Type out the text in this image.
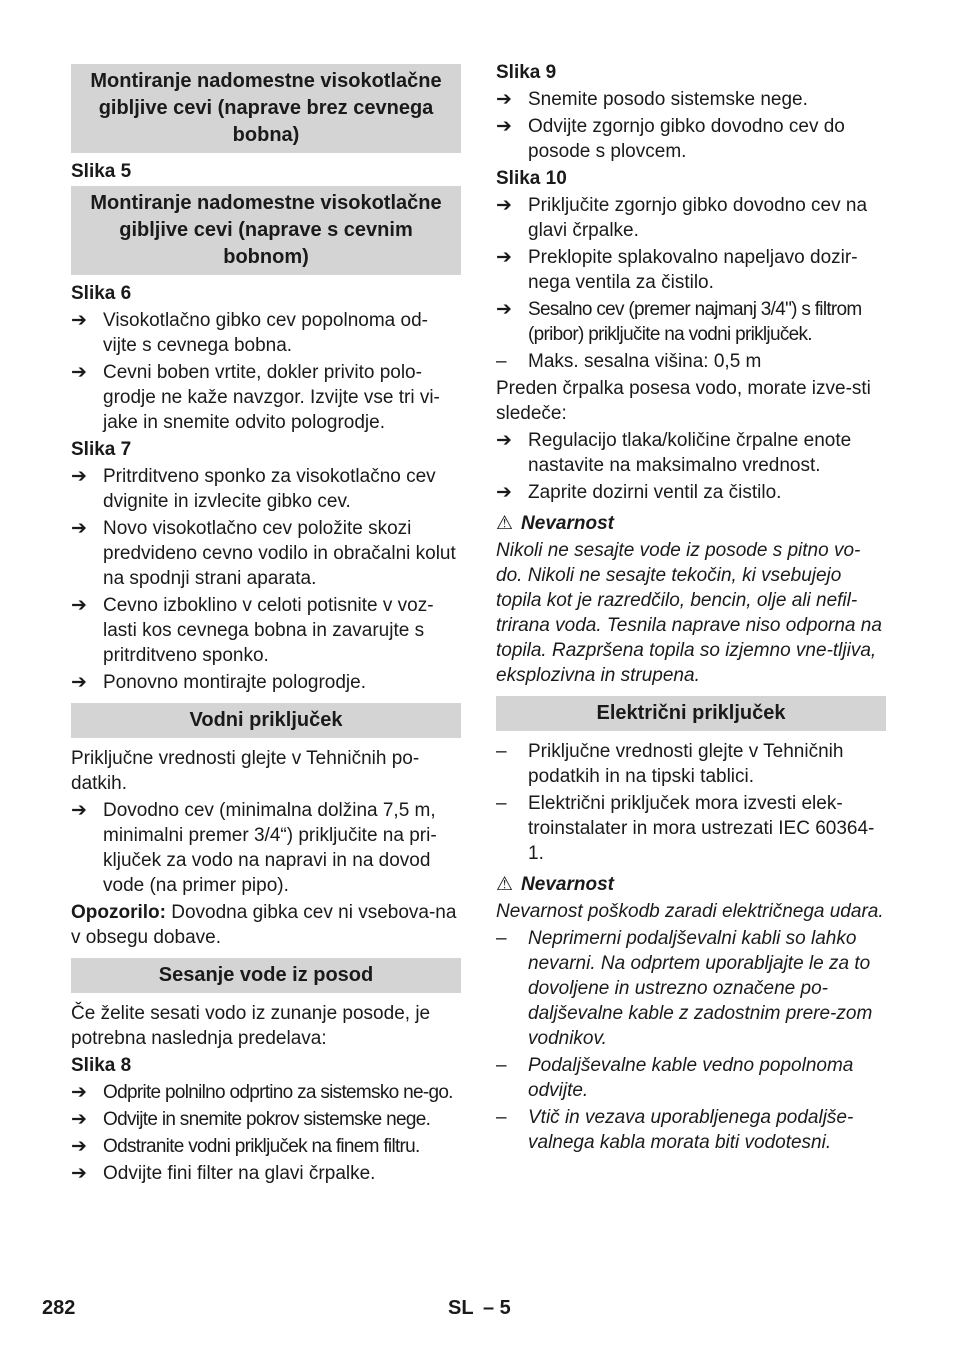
Montiranje nadomestne visokotlačne gibljive cevi (naprave brez cevnega bobna)
Slika 5
Montiranje nadomestne visokotlačne gibljive cevi (naprave s cevnim bobnom)
Slika 6
➔ Visokotlačno gibko cev popolnoma od-vijte s cevnega bobna.
➔ Cevni boben vrtite, dokler privito polo-grodje ne kaže navzgor. Izvijte vse tri vi-jake in snemite odvito pologrodje.
Slika 7
➔ Pritrditveno sponko za visokotlačno cev dvignite in izvlecite gibko cev.
➔ Novo visokotlačno cev položite skozi predvideno cevno vodilo in obračalni kolut na spodnji strani aparata.
➔ Cevno izboklino v celoti potisnite v voz-lasti kos cevnega bobna in zavarujte s pritrditveno sponko.
➔ Ponovno montirajte pologrodje.
Vodni priključek
Priključne vrednosti glejte v Tehničnih po-datkih.
➔ Dovodno cev (minimalna dolžina 7,5 m, minimalni premer 3/4“) priključite na pri-ključek za vodo na napravi in na dovod vode (na primer pipo).
Opozorilo: Dovodna gibka cev ni vsebova-na v obsegu dobave.
Sesanje vode iz posod
Če želite sesati vodo iz zunanje posode, je potrebna naslednja predelava:
Slika 8
➔ Odprite polnilno odprtino za sistemsko ne-go.
➔ Odvijte in snemite pokrov sistemske nege.
➔ Odstranite vodni priključek na finem filtru.
➔ Odvijte fini filter na glavi črpalke.
Slika 9
➔ Snemite posodo sistemske nege.
➔ Odvijte zgornjo gibko dovodno cev do posode s plovcem.
Slika 10
➔ Priključite zgornjo gibko dovodno cev na glavi črpalke.
➔ Preklopite splakovalno napeljavo dozir-nega ventila za čistilo.
➔ Sesalno cev (premer najmanj 3/4") s filtrom (pribor) priključite na vodni priključek.
–	Maks. sesalna višina: 0,5 m
Preden črpalka posesa vodo, morate izve-sti sledeče:
➔ Regulacijo tlaka/količine črpalne enote nastavite na maksimalno vrednost.
➔ Zaprite dozirni ventil za čistilo.
⚠ Nevarnost
Nikoli ne sesajte vode iz posode s pitno vo-do. Nikoli ne sesajte tekočin, ki vsebujejo topila kot je razredčilo, bencin, olje ali nefil-trirana voda. Tesnila naprave niso odporna na topila. Razpršena topila so izjemno vne-tljiva, eksplozivna in strupena.
Električni priključek
–	Priključne vrednosti glejte v Tehničnih podatkih in na tipski tablici.
–	Električni priključek mora izvesti elek-troinstalater in mora ustrezati IEC 60364-1.
⚠ Nevarnost
Nevarnost poškodb zaradi električnega udara.
–	Neprimerni podaljševalni kabli so lahko nevarni. Na odprtem uporabljajte le za to dovoljene in ustrezno označene po-daljševalne kable z zadostnim prere-zom vodnikov.
–	Podaljševalne kable vedno popolnoma odvijte.
–	Vtič in vezava uporabljenega podaljše-valnega kabla morata biti vodotesni.
282	SL – 5
